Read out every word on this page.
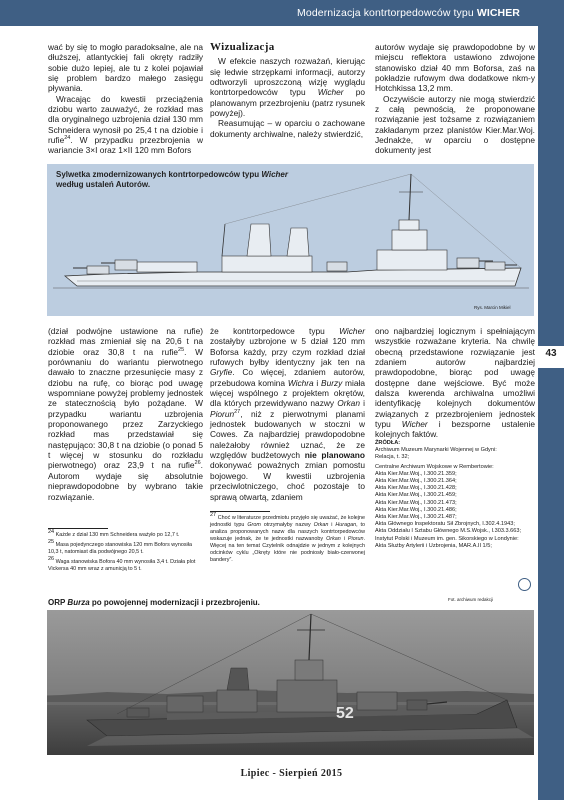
Modernizacja kontrtorpedowców typu WICHER
43

wać by się to mogło paradoksalne, ale na dłuższej, atlantyckiej fali okręty radziły sobie dużo lepiej, ale tu z kolei pojawiał się problem bardzo małego zasięgu pływania.

Wracając do kwestii przeciążenia dziobu warto zauważyć, że rozkład mas dla oryginalnego uzbrojenia dział 130 mm Schneidera wynosił po 25,4 t na dziobie i rufie$^{24}$. W przypadku przezbrojenia w wariancie 3×I oraz 1×II 120 mm Bofors

Wizualizacja

W efekcie naszych rozważań, kierując się ledwie strzępkami informacji, autorzy odtworzyli uproszczoną wizję wyglądu kontrtorpedowców typu Wicher po planowanym przezbrojeniu (patrz rysunek powyżej).

Reasumując – w oparciu o zachowane dokumenty archiwalne, należy stwierdzić,

autorów wydaje się prawdopodobne by w miejscu reflektora ustawiono zdwojone stanowisko dział 40 mm Boforsa, zaś na pokładzie rufowym dwa dodatkowe nkm-y Hotchkissa 13,2 mm.

Oczywiście autorzy nie mogą stwierdzić z całą pewnością, że proponowane rozwiązanie jest tożsame z rozwiązaniem zakładanym przez planistów Kier.Mar.Woj. Jednakże, w oparciu o dostępne dokumenty jest

Sylwetka zmodernizowanych kontrtorpedowców typu Wicher
według ustaleń Autorów.
Rys. Marcin Mikiel

(dział podwójne ustawione na rufie) rozkład mas zmieniał się na 20,6 t na dziobie oraz 30,8 t na rufie$^{25}$. W porównaniu do wariantu pierwotnego dawało to znaczne przesunięcie masy z dziobu na rufę, co biorąc pod uwagę wspomniane powyżej problemy jednostek ze statecznością było pożądane. W przypadku wariantu uzbrojenia proponowanego przez Zarzyckiego rozkład mas przedstawiał się następująco: 30,8 t na dziobie (o ponad 5 t więcej w stosunku do rozkładu pierwotnego) oraz 23,9 t na rufie$^{26}$. Autorom wydaje się absolutnie nieprawdopodobne by wybrano takie rozwiązanie.

że kontrtorpedowce typu Wicher zostałyby uzbrojone w 5 dział 120 mm Boforsa każdy, przy czym rozkład dział rufowych byłby identyczny jak ten na Gryfie. Co więcej, zdaniem autorów, przebudowa komina Wichra i Burzy miała więcej wspólnego z projektem okrętów, dla których przewidywano nazwy Orkan i Piorun$^{27}$, niż z pierwotnymi planami jednostek budowanych w stoczni w Cowes. Za najbardziej prawdopodobne należałoby również uznać, że ze względów budżetowych nie planowano dokonywać poważnych zmian pomostu bojowego. W kwestii uzbrojenia przeciwlotniczego, choć pozostaje to sprawą otwartą, zdaniem

ono najbardziej logicznym i spełniającym wszystkie rozważane kryteria. Na chwilę obecną przedstawione rozwiązanie jest zdaniem autorów najbardziej prawdopodobne, biorąc pod uwagę dostępne dane wejściowe. Być może dalsza kwerenda archiwalna umożliwi identyfikację kolejnych dokumentów związanych z przezbrojeniem jednostek typu Wicher i bezsporne ustalenie kolejnych faktów.

$^{24}$ Każde z dział 130 mm Schneidera ważyło po 12,7 t.
$^{25}$ Masa pojedynczego stanowiska 120 mm Bofors wynosiła 10,3 t, natomiast dla podwójnego 20,5 t.
$^{26}$ Waga stanowiska Bofora 40 mm wynosiła 3,4 t. Działa plot Vickersa 40 mm wraz z amunicją to 5 t.
$^{27}$ Choć w literaturze przedmiotu przyjęło się uważać, że kolejne jednostki typu Grom otrzymałyby nazwy Orkan i Huragan, to analiza proponowanych nazw dla naszych kontrtorpedowców wskazuje jednak, że te jednostki nazwanoby Orkan i Piorun. Więcej na ten temat Czytelnik odnajdzie w jednym z kolejnych odcinków cyklu „Okręty które nie podniosły biało-czerwonej bandery”.
ŹRÓDŁA:
Archiwum Muzeum Marynarki Wojennej w Gdyni:
Relacja, t. 32;
Centralne Archiwum Wojskowe w Rembertowie:
Akta Kier.Mar.Woj., I.300.21.359;
Akta Kier.Mar.Woj., I.300.21.364;
Akta Kier.Mar.Woj., I.300.21.428;
Akta Kier.Mar.Woj., I.300.21.459;
Akta Kier.Mar.Woj., I.300.21.473;
Akta Kier.Mar.Woj., I.300.21.486;
Akta Kier.Mar.Woj., I.300.21.487;
Akta Głównego Inspektoratu Sił Zbrojnych, I.302.4.1943;
Akta Oddziału I Sztabu Głównego M.S.Wojsk., I.303.3.663;
Instytut Polski i Muzeum im. gen. Sikorskiego w Londynie:
Akta Służby Artylerii i Uzbrojenia, MAR.A.II 1/5;
Fot. archiwum redakcji
ORP Burza po powojennej modernizacji i przezbrojeniu.
52
Lipiec - Sierpień 2015
